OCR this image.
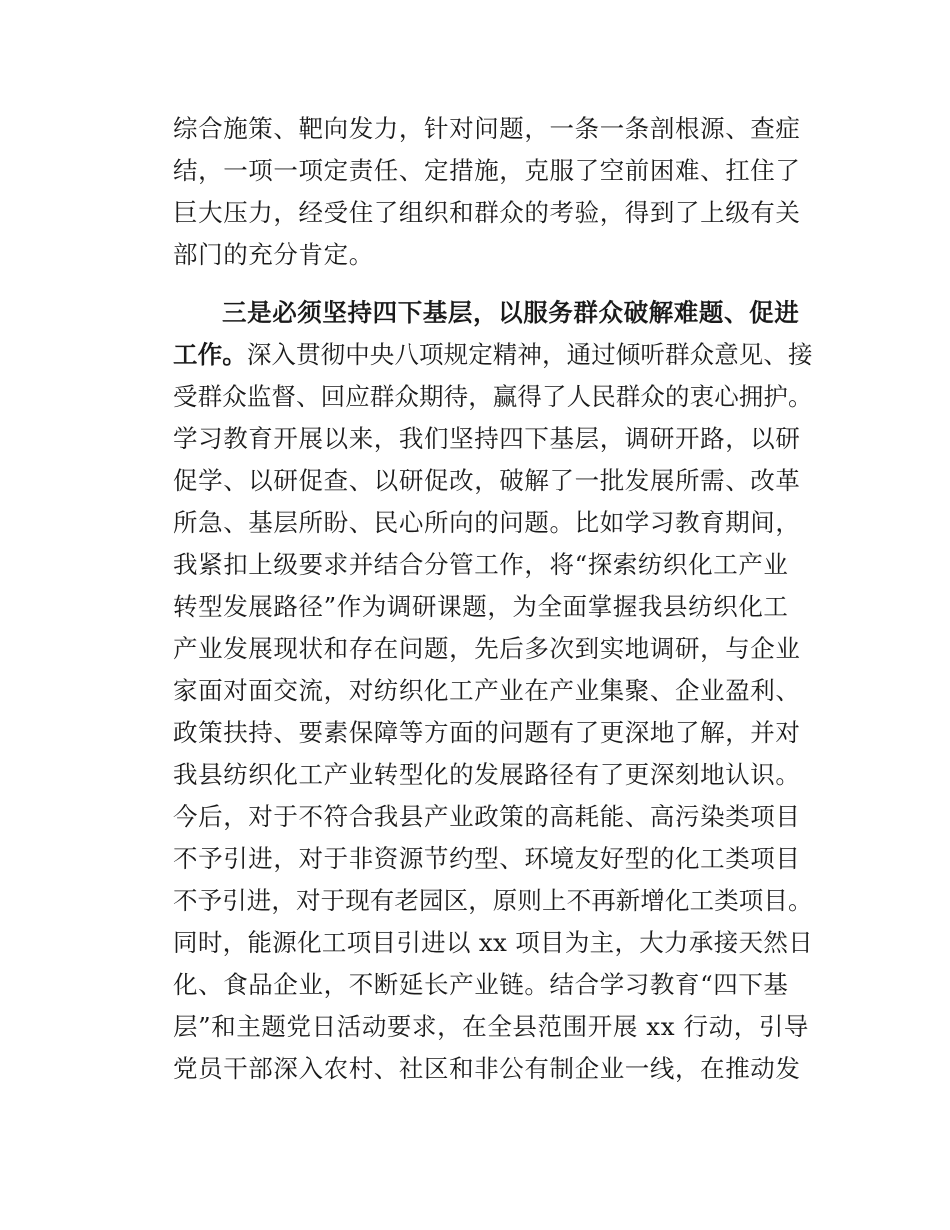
综合施策、靶向发力，针对问题，一条一条剖根源、查症
结，一项一项定责任、定措施，克服了空前困难、扛住了
巨大压力，经受住了组织和群众的考验，得到了上级有关
部门的充分肯定。
三是必须坚持四下基层，以服务群众破解难题、促进
工作。深入贯彻中央八项规定精神，通过倾听群众意见、接
受群众监督、回应群众期待，赢得了人民群众的衷心拥护。
学习教育开展以来，我们坚持四下基层，调研开路，以研
促学、以研促查、以研促改，破解了一批发展所需、改革
所急、基层所盼、民心所向的问题。比如学习教育期间，
我紧扣上级要求并结合分管工作，将“探索纺织化工产业
转型发展路径”作为调研课题，为全面掌握我县纺织化工
产业发展现状和存在问题，先后多次到实地调研，与企业
家面对面交流，对纺织化工产业在产业集聚、企业盈利、
政策扶持、要素保障等方面的问题有了更深地了解，并对
我县纺织化工产业转型化的发展路径有了更深刻地认识。
今后，对于不符合我县产业政策的高耗能、高污染类项目
不予引进，对于非资源节约型、环境友好型的化工类项目
不予引进，对于现有老园区，原则上不再新增化工类项目。
同时，能源化工项目引进以 xx 项目为主，大力承接天然日
化、食品企业，不断延长产业链。结合学习教育“四下基
层”和主题党日活动要求，在全县范围开展 xx 行动，引导
党员干部深入农村、社区和非公有制企业一线，在推动发
